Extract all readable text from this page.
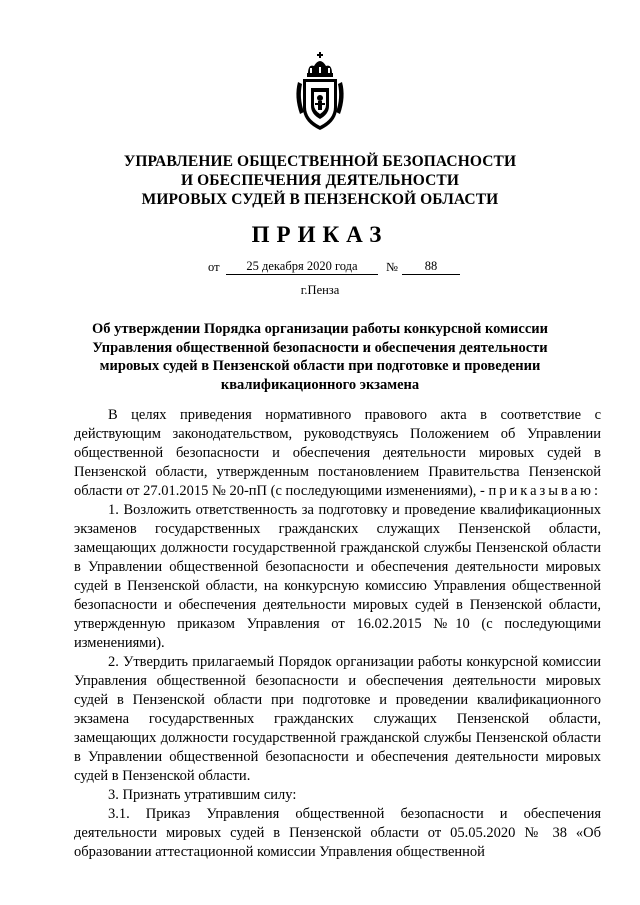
УПРАВЛЕНИЕ ОБЩЕСТВЕННОЙ БЕЗОПАСНОСТИ
И ОБЕСПЕЧЕНИЯ ДЕЯТЕЛЬНОСТИ
МИРОВЫХ СУДЕЙ В ПЕНЗЕНСКОЙ ОБЛАСТИ
ПРИКАЗ
от	25 декабря 2020 года	№	88
г.Пенза
Об утверждении Порядка организации работы конкурсной комиссии Управления общественной безопасности и обеспечения деятельности мировых судей в Пензенской области при подготовке и проведении квалификационного экзамена

В целях приведения нормативного правового акта в соответствие с действующим законодательством, руководствуясь Положением об Управлении общественной безопасности и обеспечения деятельности мировых судей в Пензенской области, утвержденным постановлением Правительства Пензенской области от 27.01.2015 № 20-пП (с последующими изменениями), - приказываю:

1. Возложить ответственность за подготовку и проведение квалификационных экзаменов государственных гражданских служащих Пензенской области, замещающих должности государственной гражданской службы Пензенской области в Управлении общественной безопасности и обеспечения деятельности мировых судей в Пензенской области, на конкурсную комиссию Управления общественной безопасности и обеспечения деятельности мировых судей в Пензенской области, утвержденную приказом Управления от 16.02.2015 №10 (с последующими изменениями).

2. Утвердить прилагаемый Порядок организации работы конкурсной комиссии Управления общественной безопасности и обеспечения деятельности мировых судей в Пензенской области при подготовке и проведении квалификационного экзамена государственных гражданских служащих Пензенской области, замещающих должности государственной гражданской службы Пензенской области в Управлении общественной безопасности и обеспечения деятельности мировых судей в Пензенской области.

3. Признать утратившим силу:

3.1. Приказ Управления общественной безопасности и обеспечения деятельности мировых судей в Пензенской области от 05.05.2020 № 38 «Об образовании аттестационной комиссии Управления общественной
